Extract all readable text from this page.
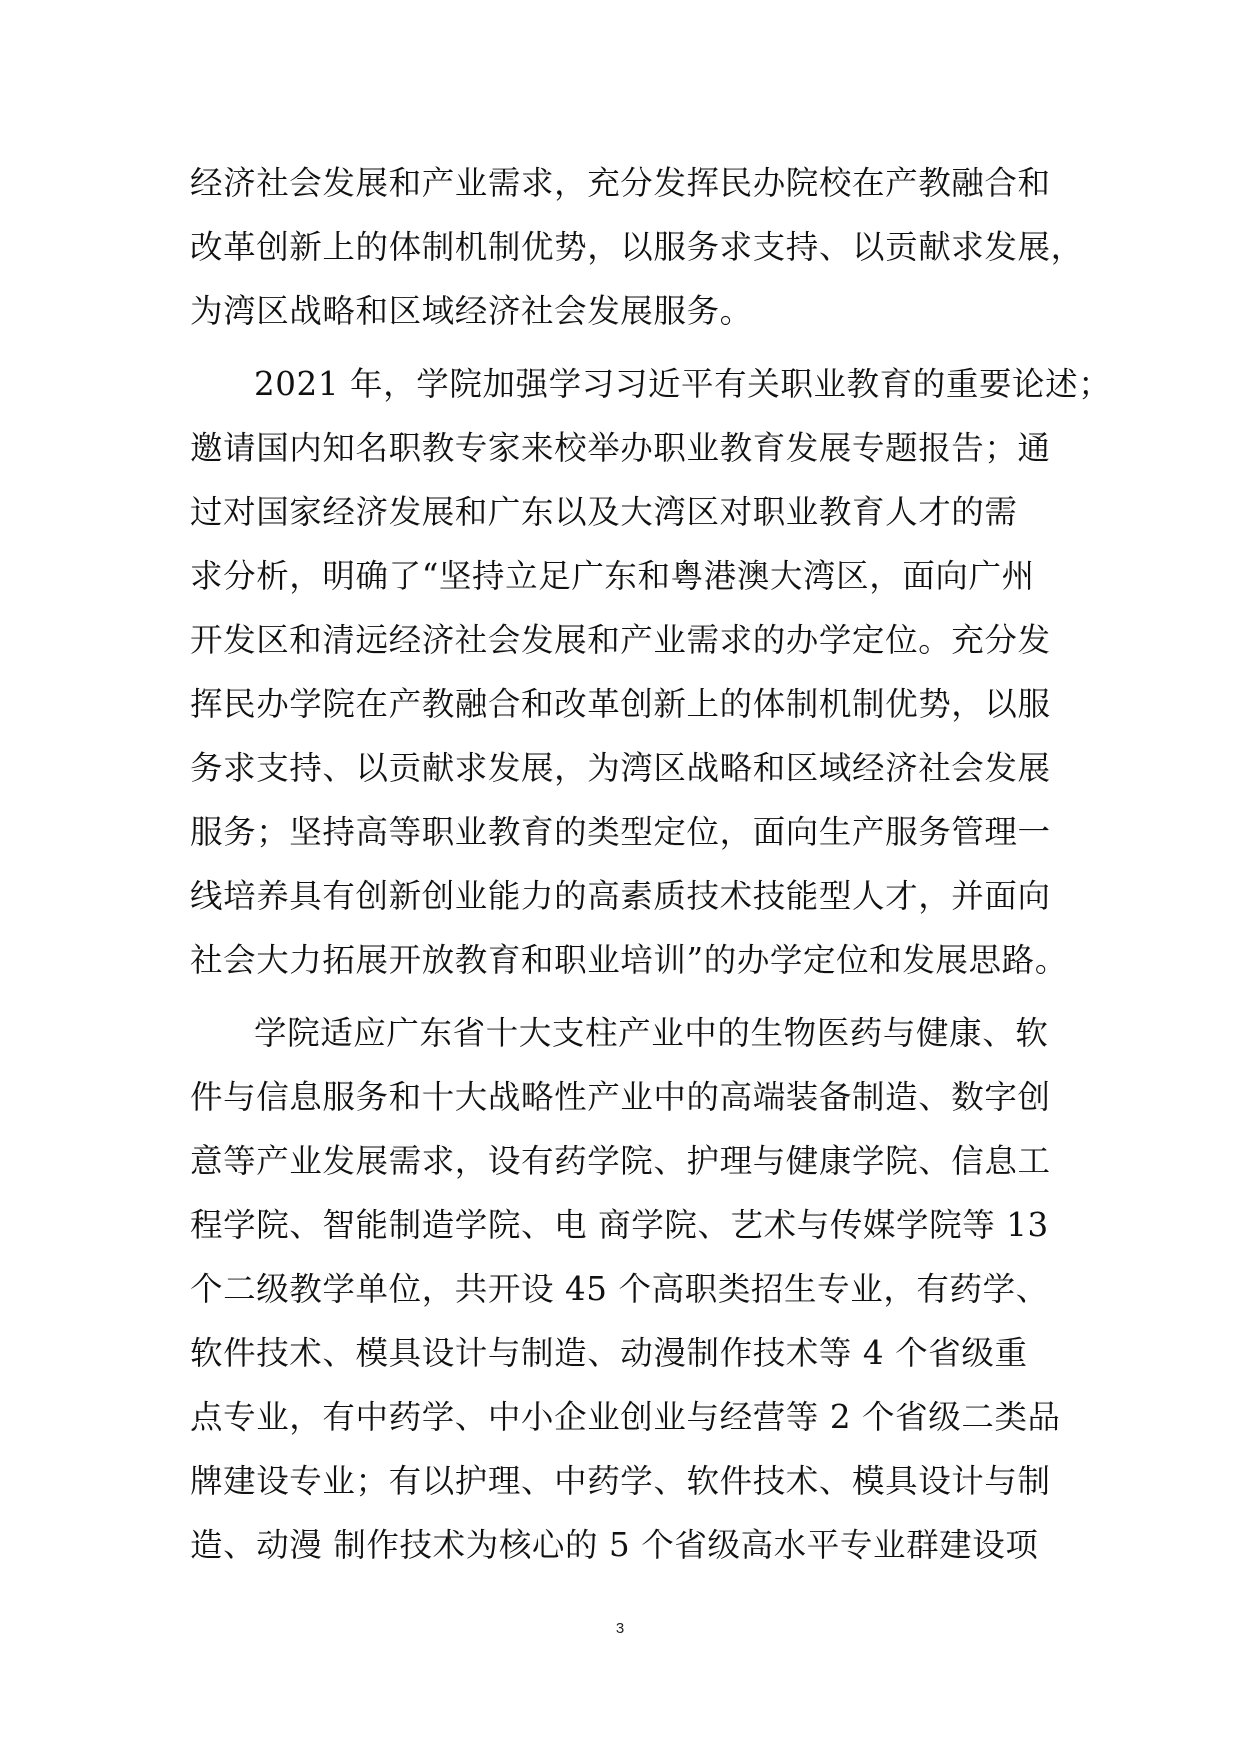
经济社会发展和产业需求，充分发挥民办院校在产教融合和
改革创新上的体制机制优势，以服务求支持、以贡献求发展，
为湾区战略和区域经济社会发展服务。
2021 年，学院加强学习习近平有关职业教育的重要论述；
邀请国内知名职教专家来校举办职业教育发展专题报告；通
过对国家经济发展和广东以及大湾区对职业教育人才的需
求分析，明确了“坚持立足广东和粤港澳大湾区，面向广州
开发区和清远经济社会发展和产业需求的办学定位。充分发
挥民办学院在产教融合和改革创新上的体制机制优势，以服
务求支持、以贡献求发展，为湾区战略和区域经济社会发展
服务；坚持高等职业教育的类型定位，面向生产服务管理一
线培养具有创新创业能力的高素质技术技能型人才，并面向
社会大力拓展开放教育和职业培训”的办学定位和发展思路。
学院适应广东省十大支柱产业中的生物医药与健康、软
件与信息服务和十大战略性产业中的高端装备制造、数字创
意等产业发展需求，设有药学院、护理与健康学院、信息工
程学院、智能制造学院、电 商学院、艺术与传媒学院等 13
个二级教学单位，共开设 45 个高职类招生专业，有药学、
软件技术、模具设计与制造、动漫制作技术等 4 个省级重
点专业，有中药学、中小企业创业与经营等 2 个省级二类品
牌建设专业；有以护理、中药学、软件技术、模具设计与制
造、动漫 制作技术为核心的 5 个省级高水平专业群建设项
3
